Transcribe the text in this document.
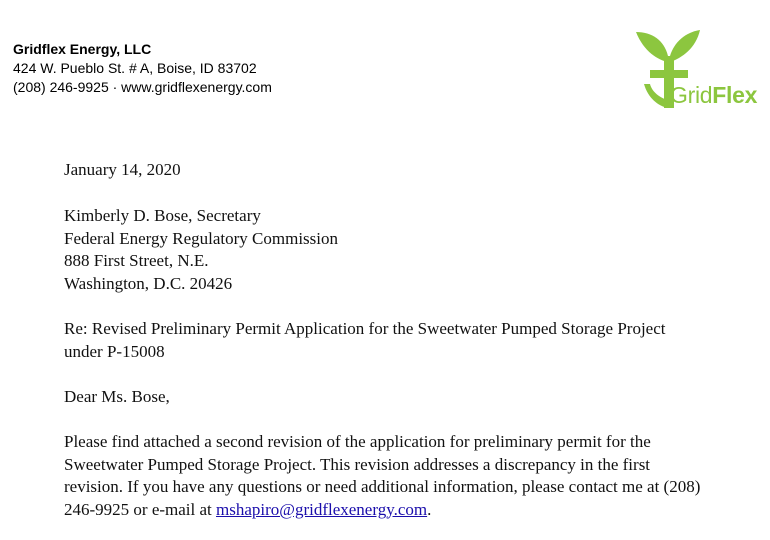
Gridflex Energy, LLC
424 W. Pueblo St. # A, Boise, ID 83702
(208) 246-9925 · www.gridflexenergy.com	GridFlex

January 14, 2020

Kimberly D. Bose, Secretary
Federal Energy Regulatory Commission
888 First Street, N.E.
Washington, D.C. 20426
Re: Revised Preliminary Permit Application for the Sweetwater Pumped Storage Project
under P-15008

Dear Ms. Bose,

Please find attached a second revision of the application for preliminary permit for the
Sweetwater Pumped Storage Project. This revision addresses a discrepancy in the first
revision. If you have any questions or need additional information, please contact me at (208)
246-9925 or e-mail at mshapiro@gridflexenergy.com.
